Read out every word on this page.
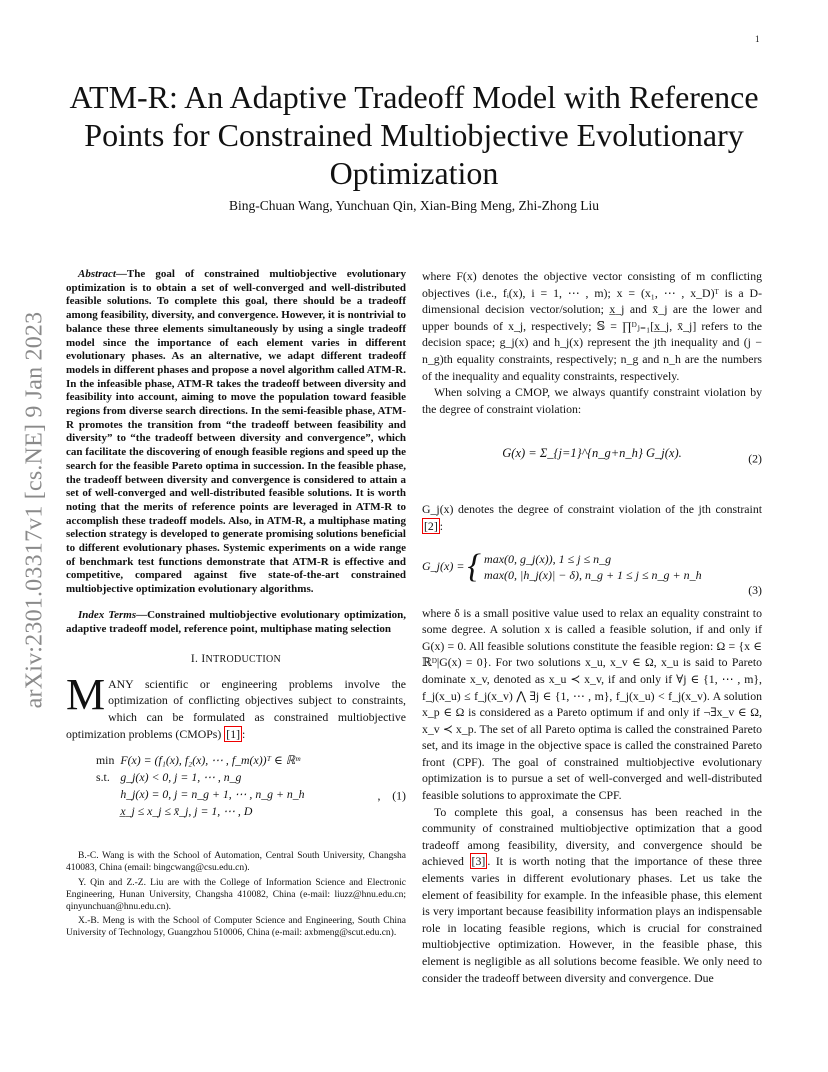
1
arXiv:2301.03317v1 [cs.NE] 9 Jan 2023
ATM-R: An Adaptive Tradeoff Model with Reference Points for Constrained Multiobjective Evolutionary Optimization
Bing-Chuan Wang, Yunchuan Qin, Xian-Bing Meng, Zhi-Zhong Liu

Abstract—The goal of constrained multiobjective evolutionary optimization is to obtain a set of well-converged and well-distributed feasible solutions. To complete this goal, there should be a tradeoff among feasibility, diversity, and convergence. However, it is nontrivial to balance these three elements simultaneously by using a single tradeoff model since the importance of each element varies in different evolutionary phases. As an alternative, we adapt different tradeoff models in different phases and propose a novel algorithm called ATM-R. In the infeasible phase, ATM-R takes the tradeoff between diversity and feasibility into account, aiming to move the population toward feasible regions from diverse search directions. In the semi-feasible phase, ATM-R promotes the transition from “the tradeoff between feasibility and diversity” to “the tradeoff between diversity and convergence”, which can facilitate the discovering of enough feasible regions and speed up the search for the feasible Pareto optima in succession. In the feasible phase, the tradeoff between diversity and convergence is considered to attain a set of well-converged and well-distributed feasible solutions. It is worth noting that the merits of reference points are leveraged in ATM-R to accomplish these tradeoff models. Also, in ATM-R, a multiphase mating selection strategy is developed to generate promising solutions beneficial to different evolutionary phases. Systemic experiments on a wide range of benchmark test functions demonstrate that ATM-R is effective and competitive, compared against five state-of-the-art constrained multiobjective optimization evolutionary algorithms.

Index Terms—Constrained multiobjective evolutionary optimization, adaptive tradeoff model, reference point, multiphase mating selection

I. INTRODUCTION

MANY scientific or engineering problems involve the optimization of conflicting objectives subject to constraints, which can be formulated as constrained multiobjective optimization problems (CMOPs) [1] :

min	F(x) = (f₁(x), f₂(x), ⋯ , f_m(x))ᵀ ∈ ℝᵐ
s.t.	g_j(x) < 0, j = 1, ⋯ , n_g
	h_j(x) = 0, j = n_g + 1, ⋯ , n_g + n_h
	x̲_j ≤ x_j ≤ x̄_j, j = 1, ⋯ , D
, (1)

B.-C. Wang is with the School of Automation, Central South University, Changsha 410083, China (email: bingcwang@csu.edu.cn).

Y. Qin and Z.-Z. Liu are with the College of Information Science and Electronic Engineering, Hunan University, Changsha 410082, China (e-mail: liuzz@hnu.edu.cn; qinyunchuan@hnu.edu.cn).

X.-B. Meng is with the School of Computer Science and Engineering, South China University of Technology, Guangzhou 510006, China (e-mail: axbmeng@scut.edu.cn).

where F(x) denotes the objective vector consisting of m conflicting objectives (i.e., fᵢ(x), i = 1, ⋯ , m); x = (x₁, ⋯ , x_D)ᵀ is a D-dimensional decision vector/solution; x̲_j and x̄_j are the lower and upper bounds of x_j, respectively; 𝕊 = ∏ᴰⱼ₌₁[x̲_j, x̄_j] refers to the decision space; g_j(x) and h_j(x) represent the jth inequality and (j − n_g)th equality constraints, respectively; n_g and n_h are the numbers of the inequality and equality constraints, respectively.

When solving a CMOP, we always quantify constraint violation by the degree of constraint violation:

G(x) = Σ_{j=1}^{n_g+n_h} G_j(x).	(2)

G_j(x) denotes the degree of constraint violation of the jth constraint [2] :

G_j(x) = { max(0, g_j(x)), 1 ≤ j ≤ n_g
max(0, |h_j(x)| − δ), n_g + 1 ≤ j ≤ n_g + n_h
(3)

where δ is a small positive value used to relax an equality constraint to some degree. A solution x is called a feasible solution, if and only if G(x) = 0. All feasible solutions constitute the feasible region: Ω = {x ∈ ℝᴰ|G(x) = 0}. For two solutions x_u, x_v ∈ Ω, x_u is said to Pareto dominate x_v, denoted as x_u ≺ x_v, if and only if ∀j ∈ {1, ⋯ , m}, f_j(x_u) ≤ f_j(x_v) ⋀ ∃j ∈ {1, ⋯ , m}, f_j(x_u) < f_j(x_v). A solution x_p ∈ Ω is considered as a Pareto optimum if and only if ¬∃x_v ∈ Ω, x_v ≺ x_p. The set of all Pareto optima is called the constrained Pareto set, and its image in the objective space is called the constrained Pareto front (CPF). The goal of constrained multiobjective evolutionary optimization is to pursue a set of well-converged and well-distributed feasible solutions to approximate the CPF.

To complete this goal, a consensus has been reached in the community of constrained multiobjective optimization that a good tradeoff among feasibility, diversity, and convergence should be achieved [3] . It is worth noting that the importance of these three elements varies in different evolutionary phases. Let us take the element of feasibility for example. In the infeasible phase, this element is very important because feasibility information plays an indispensable role in locating feasible regions, which is crucial for constrained multiobjective optimization. However, in the feasible phase, this element is negligible as all solutions become feasible. We only need to consider the tradeoff between diversity and convergence. Due
